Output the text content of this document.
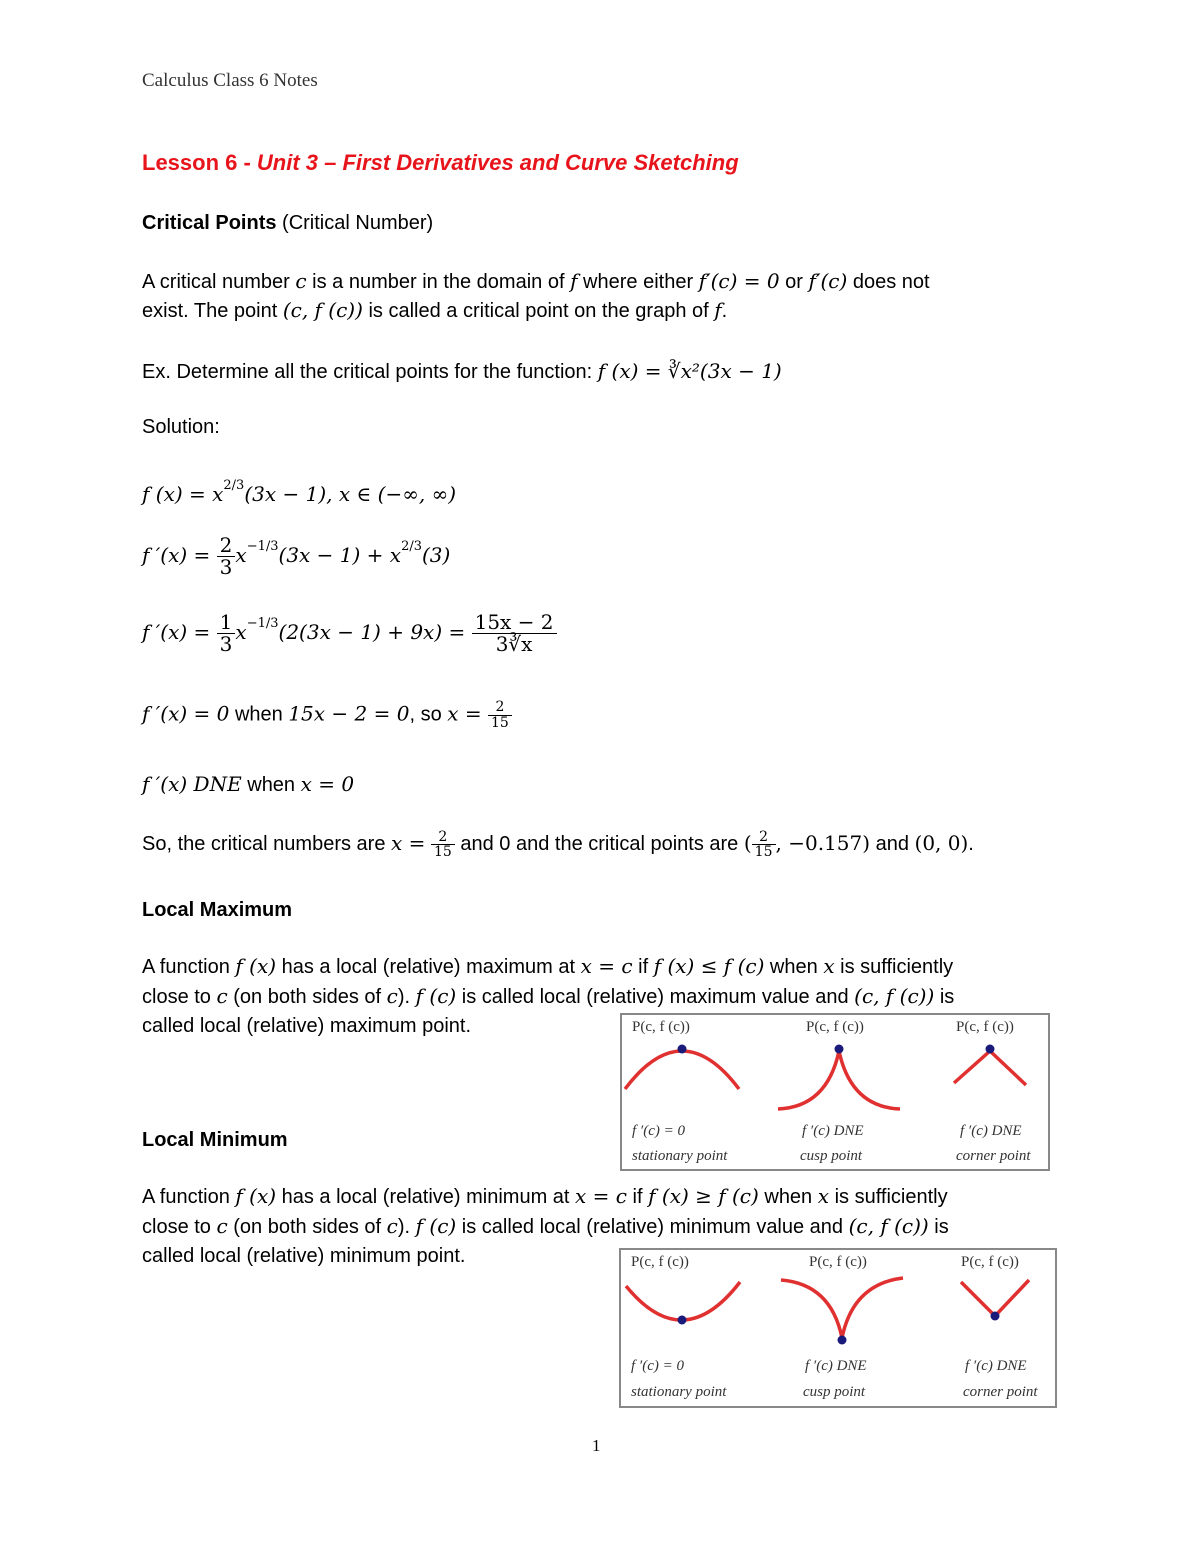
Calculus Class 6 Notes
Lesson 6 - Unit 3 – First Derivatives and Curve Sketching
Critical Points (Critical Number)
A critical number c is a number in the domain of f where either f′(c) = 0 or f′(c) does not
exist. The point (c, f (c)) is called a critical point on the graph of f.
Ex. Determine all the critical points for the function: f (x) = ∛x²(3x − 1)
Solution:
f $(x) = x^{2/3}(3x - 1)$, x ∈ (−∞, ∞)
f $'(x) = \frac{2}{3} x^{-1/3}(3x - 1) + x^{2/3}(3)$
f $'(x) = \frac{1}{3} x^{-1/3}(2(3x - 1) + 9x) = \frac{15x - 2}{3∛x}$
f ′(x) = 0 when 15x − 2 = 0, so $x = \frac{2}{15}$
f ′(x) DNE when x = 0
So, the critical numbers are $x = \frac{2}{15}$ and 0 and the critical points are ( $\frac{2}{15}$ , −0.157) and (0, 0).
Local Maximum
A function f (x) has a local (relative) maximum at x = c if f (x) ≤ f (c) when x is sufficiently
close to c (on both sides of c). f (c) is called local (relative) maximum value and (c, f (c)) is
called local (relative) maximum point.	P(c, f (c))	P(c, f (c))	P(c, f (c))
f ′(c) = 0	f ′(c) DNE	f ′(c) DNE
stationary point	cusp point	corner point
Local Minimum
A function f (x) has a local (relative) minimum at x = c if f (x) ≥ f (c) when x is sufficiently
close to c (on both sides of c). f (c) is called local (relative) minimum value and (c, f (c)) is
called local (relative) minimum point.	P(c, f (c))	P(c, f (c))	P(c, f (c))
f ′(c) = 0	f ′(c) DNE	f ′(c) DNE
stationary point	cusp point	corner point
1
